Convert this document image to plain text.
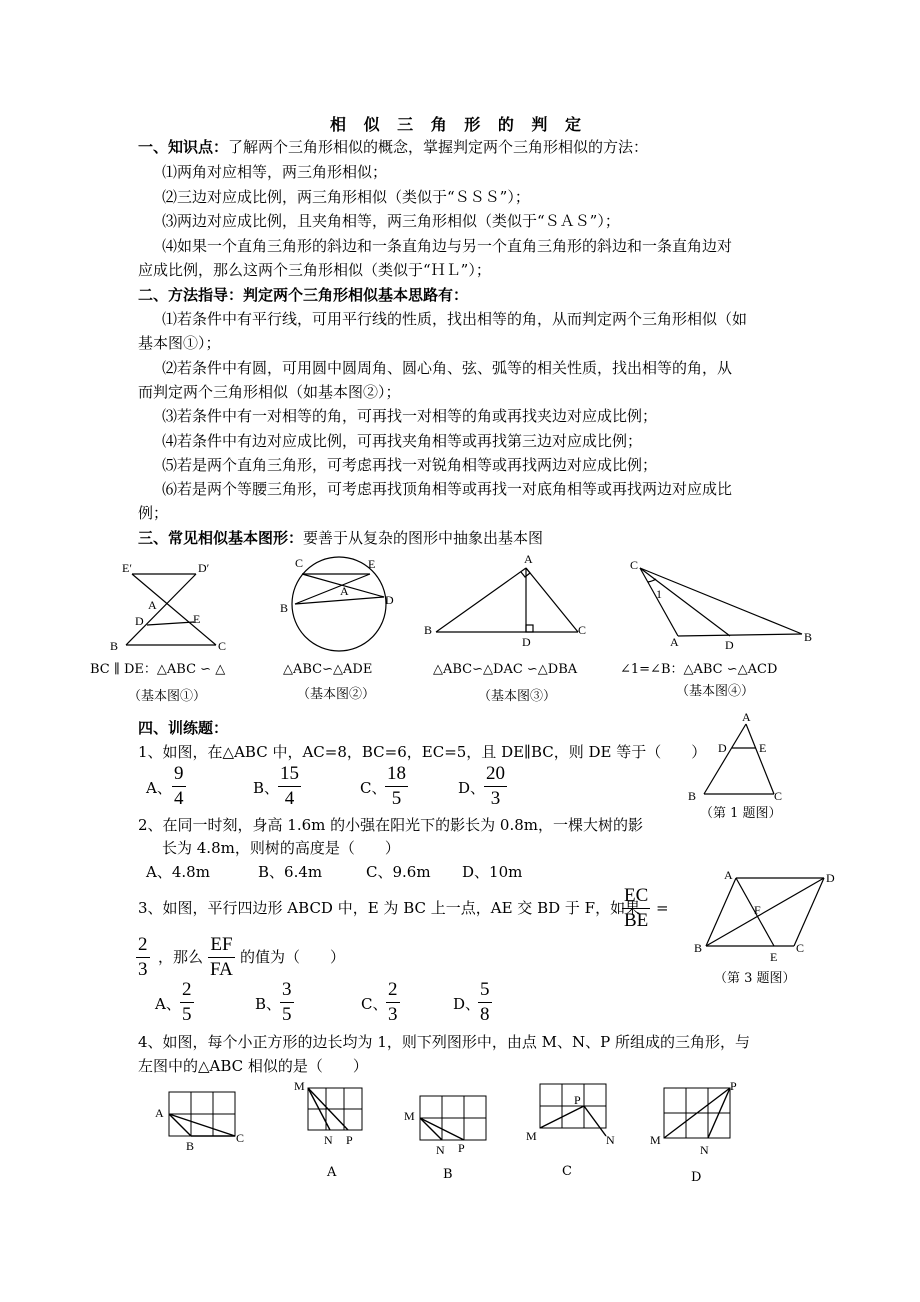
相 似 三 角 形 的 判 定
一、知识点：了解两个三角形相似的概念，掌握判定两个三角形相似的方法：
⑴两角对应相等，两三角形相似；
⑵三边对应成比例，两三角形相似（类似于“ＳＳＳ”）；
⑶两边对应成比例，且夹角相等，两三角形相似（类似于“ＳＡＳ”）；
⑷如果一个直角三角形的斜边和一条直角边与另一个直角三角形的斜边和一条直角边对
应成比例，那么这两个三角形相似（类似于“ＨＬ”）；
二、方法指导：判定两个三角形相似基本思路有：
⑴若条件中有平行线，可用平行线的性质，找出相等的角，从而判定两个三角形相似（如
基本图①）；
⑵若条件中有圆，可用圆中圆周角、圆心角、弦、弧等的相关性质，找出相等的角，从
而判定两个三角形相似（如基本图②）；
⑶若条件中有一对相等的角，可再找一对相等的角或再找夹边对应成比例；
⑷若条件中有边对应成比例，可再找夹角相等或再找第三边对应成比例；
⑸若是两个直角三角形，可考虑再找一对锐角相等或再找两边对应成比例；
⑹若是两个等腰三角形，可考虑再找顶角相等或再找一对底角相等或再找两边对应成比
例；
三、常见相似基本图形：要善于从复杂的图形中抽象出基本图
E′	D′
A
D	E
B	C
BC ∥ DE：△ABC ∽ △
（基本图①）
C	E
A
B
D
△ABC∽△ADE
（基本图②）
A
B	C
D
△ABC∽△DAC ∽△DBA
（基本图③）
C
1
A	D
B
∠1=∠B：△ABC ∽△ACD
（基本图④）
四、训练题：
1、如图，在△ABC 中，AC=8，BC=6，EC=5，且 DE∥BC，则 DE 等于（　　）
A、 $\frac{9}{4}$	B、
$\frac{15}{4}$	C、
$\frac{18}{5}$	D、
$\frac{20}{3}$
A
D	E
B	C
（第 1 题图）
2、在同一时刻，身高 1.6m 的小强在阳光下的影长为 0.8m，一棵大树的影
长为 4.8m，则树的高度是（　　）
A、4.8m	B、6.4m	C、9.6m D、10m
3、如图，平行四边形 ABCD 中，E 为 BC 上一点，AE 交 BD 于 F，如果
$\frac{EC}{BE}$ =
$\frac{2}{3}$ ，那么 $\frac{EF}{FA}$ 的值为（　　）
A、 $\frac{2}{5}$	B、
$\frac{3}{5}$	C、
$\frac{2}{3}$	D、
$\frac{5}{8}$
A	D
F
B
E
C
（第 3 题图）
4、如图，每个小正方形的边长均为 1，则下列图形中，由点 M、N、P 所组成的三角形，与
左图中的△ABC 相似的是（　　）
A
B
C
M
N P
A
M
N P
B
P
M	N
C
P
M
N
D
